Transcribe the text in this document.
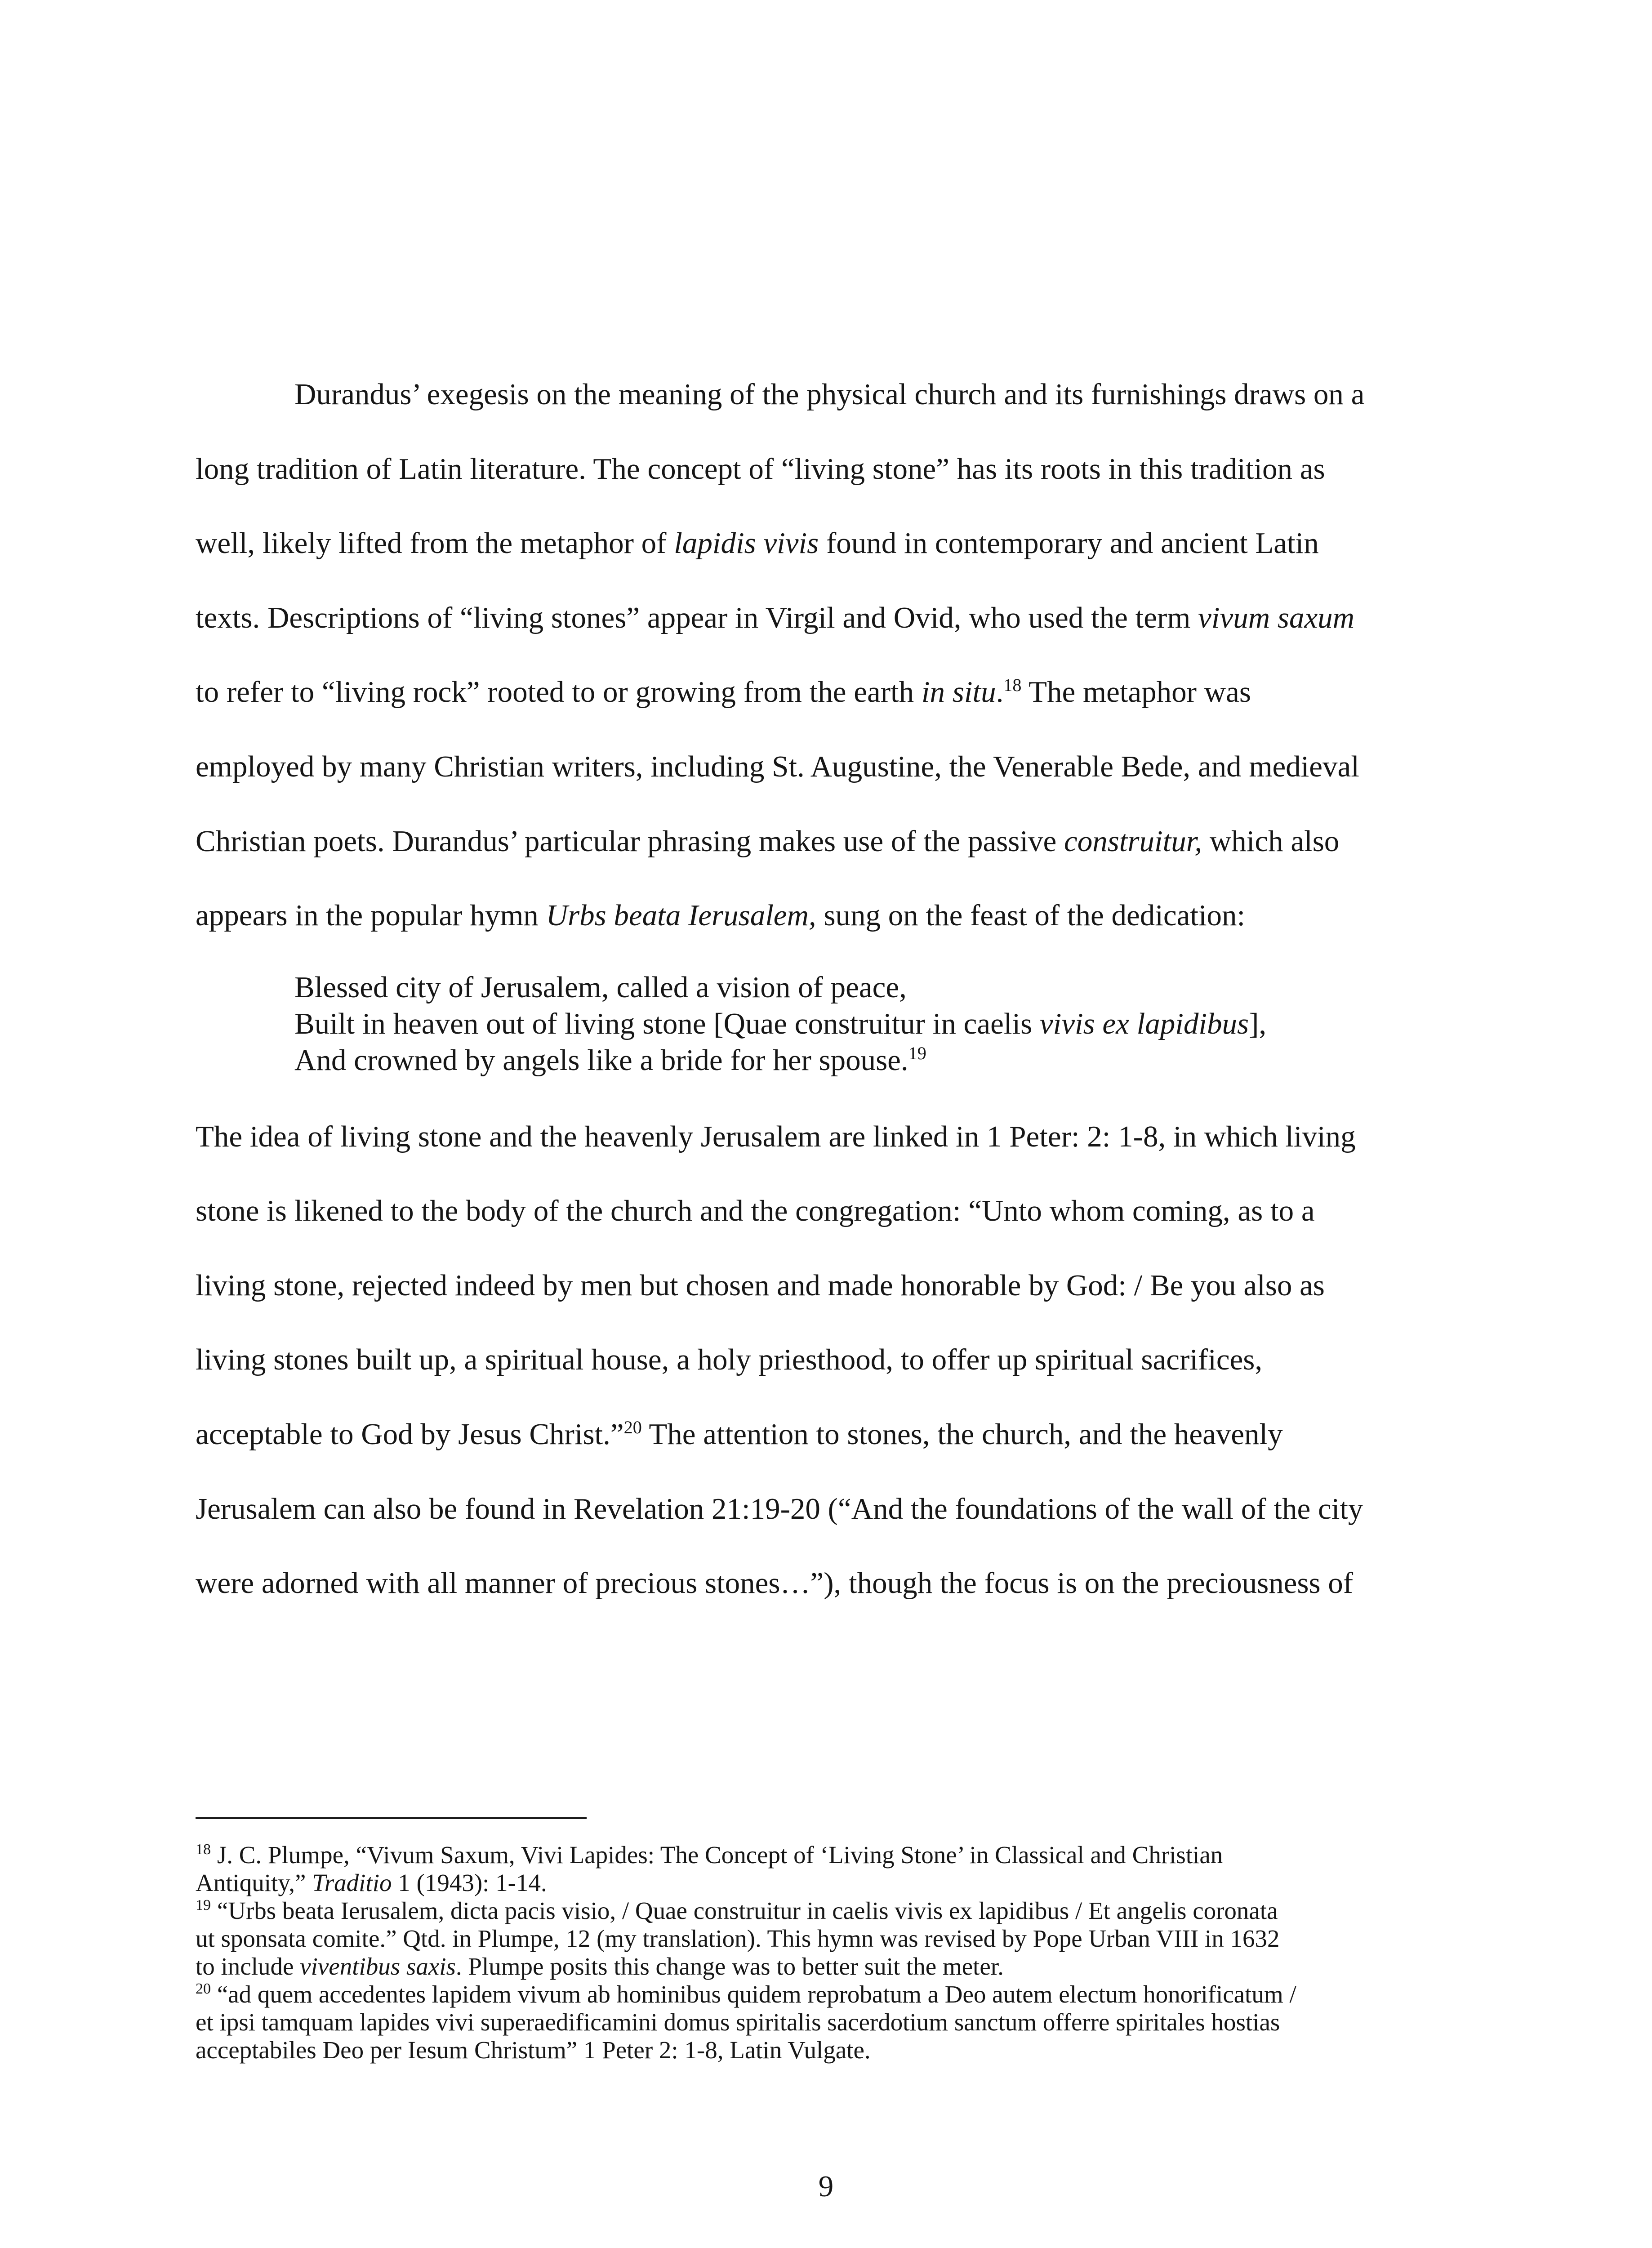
Durandus’ exegesis on the meaning of the physical church and its furnishings draws on a
long tradition of Latin literature. The concept of “living stone” has its roots in this tradition as
well, likely lifted from the metaphor of lapidis vivis found in contemporary and ancient Latin
texts. Descriptions of “living stones” appear in Virgil and Ovid, who used the term vivum saxum
to refer to “living rock” rooted to or growing from the earth in situ.$^{18}$ The metaphor was
employed by many Christian writers, including St. Augustine, the Venerable Bede, and medieval
Christian poets. Durandus’ particular phrasing makes use of the passive construitur, which also
appears in the popular hymn Urbs beata Ierusalem, sung on the feast of the dedication:
Blessed city of Jerusalem, called a vision of peace,
Built in heaven out of living stone [Quae construitur in caelis vivis ex lapidibus],
And crowned by angels like a bride for her spouse.$^{19}$
The idea of living stone and the heavenly Jerusalem are linked in 1 Peter: 2: 1-8, in which living
stone is likened to the body of the church and the congregation: “Unto whom coming, as to a
living stone, rejected indeed by men but chosen and made honorable by God: / Be you also as
living stones built up, a spiritual house, a holy priesthood, to offer up spiritual sacrifices,
acceptable to God by Jesus Christ.”$^{20}$ The attention to stones, the church, and the heavenly
Jerusalem can also be found in Revelation 21:19-20 (“And the foundations of the wall of the city
were adorned with all manner of precious stones…”), though the focus is on the preciousness of
$^{18}$ J. C. Plumpe, “Vivum Saxum, Vivi Lapides: The Concept of ‘Living Stone’ in Classical and Christian
Antiquity,” Traditio 1 (1943): 1-14.
$^{19}$ “Urbs beata Ierusalem, dicta pacis visio, / Quae construitur in caelis vivis ex lapidibus / Et angelis coronata
ut sponsata comite.” Qtd. in Plumpe, 12 (my translation). This hymn was revised by Pope Urban VIII in 1632
to include viventibus saxis. Plumpe posits this change was to better suit the meter.
$^{20}$ “ad quem accedentes lapidem vivum ab hominibus quidem reprobatum a Deo autem electum honorificatum /
et ipsi tamquam lapides vivi superaedificamini domus spiritalis sacerdotium sanctum offerre spiritales hostias
acceptabiles Deo per Iesum Christum” 1 Peter 2: 1-8, Latin Vulgate.
9
